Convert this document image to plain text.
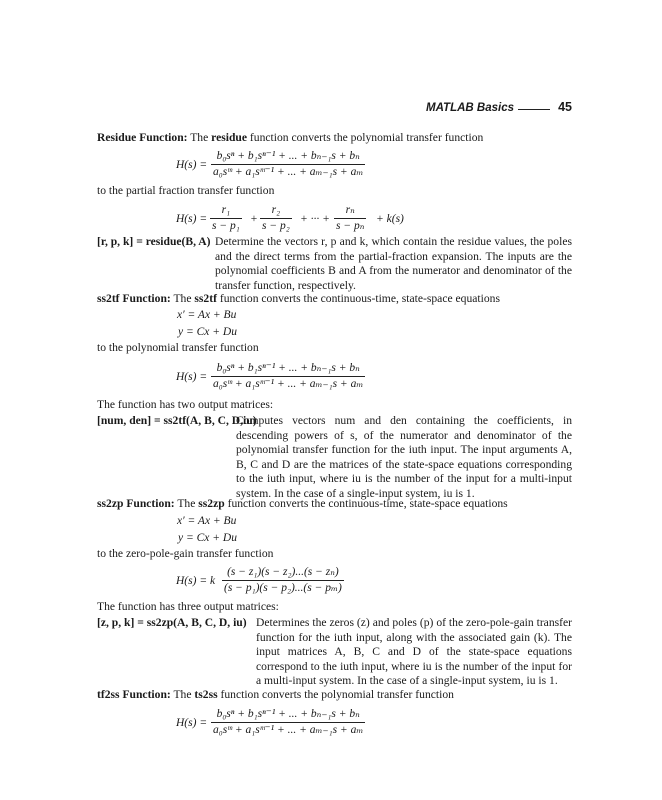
MATLAB Basics	45

Residue Function: The residue function converts the polynomial transfer function

$H(s) = \frac{\text{b₀sⁿ + b₁sⁿ⁻¹ + ... + bₙ₋₁s + bₙ}}{\text{a₀sᵐ + a₁sᵐ⁻¹ + ... + aₘ₋₁s + aₘ}}$

to the partial fraction transfer function

$H(s) = \frac{\text{r₁}}{\text{s − p₁}} + \frac{\text{r₂}}{\text{s − p₂}}$ + ··· + $\frac{\text{rₙ}}{\text{s − pₙ}} + k(s)$
[r, p, k] = residue(B, A) Determine the vectors r, p and k, which contain the residue values, the poles and the direct terms from the partial-fraction expansion. The inputs are the polynomial coefficients B and A from the numerator and denominator of the transfer function, respectively.

ss2tf Function: The ss2tf function converts the continuous-time, state-space equations

x′ = Ax + Bu
y = Cx + Du

to the polynomial transfer function

$H(s) = \frac{\text{b₀sⁿ + b₁sⁿ⁻¹ + ... + bₙ₋₁s + bₙ}}{\text{a₀sᵐ + a₁sᵐ⁻¹ + ... + aₘ₋₁s + aₘ}}$

The function has two output matrices:

[num, den] = ss2tf(A, B, C, D,iu)

Computes vectors num and den containing the coefficients, in descending powers of s, of the numerator and denominator of the polynomial transfer function for the iuth input. The input arguments A, B, C and D are the matrices of the state-space equations corresponding to the iuth input, where iu is the number of the input for a multi-input system. In the case of a single-input system, iu is 1.

ss2zp Function: The ss2zp function converts the continuous-time, state-space equations

x′ = Ax + Bu
y = Cx + Du

to the zero-pole-gain transfer function

H(s) = k $\frac{\text{(s − z₁)(s − z₂)...(s − zₙ)}}{\text{(s − p₁)(s − p₂)...(s − pₘ)}}$

The function has three output matrices:

[z, p, k] = ss2zp(A, B, C, D, iu) Determines the zeros (z) and poles (p) of the zero-pole-gain transfer function for the iuth input, along with the associated gain (k). The input matrices A, B, C and D of the state-space equations correspond to the iuth input, where iu is the number of the input for a multi-input system. In the case of a single-input system, iu is 1.

tf2ss Function: The ts2ss function converts the polynomial transfer function

$H(s) = \frac{\text{b₀sⁿ + b₁sⁿ⁻¹ + ... + bₙ₋₁s + bₙ}}{\text{a₀sᵐ + a₁sᵐ⁻¹ + ... + aₘ₋₁s + aₘ}}$
